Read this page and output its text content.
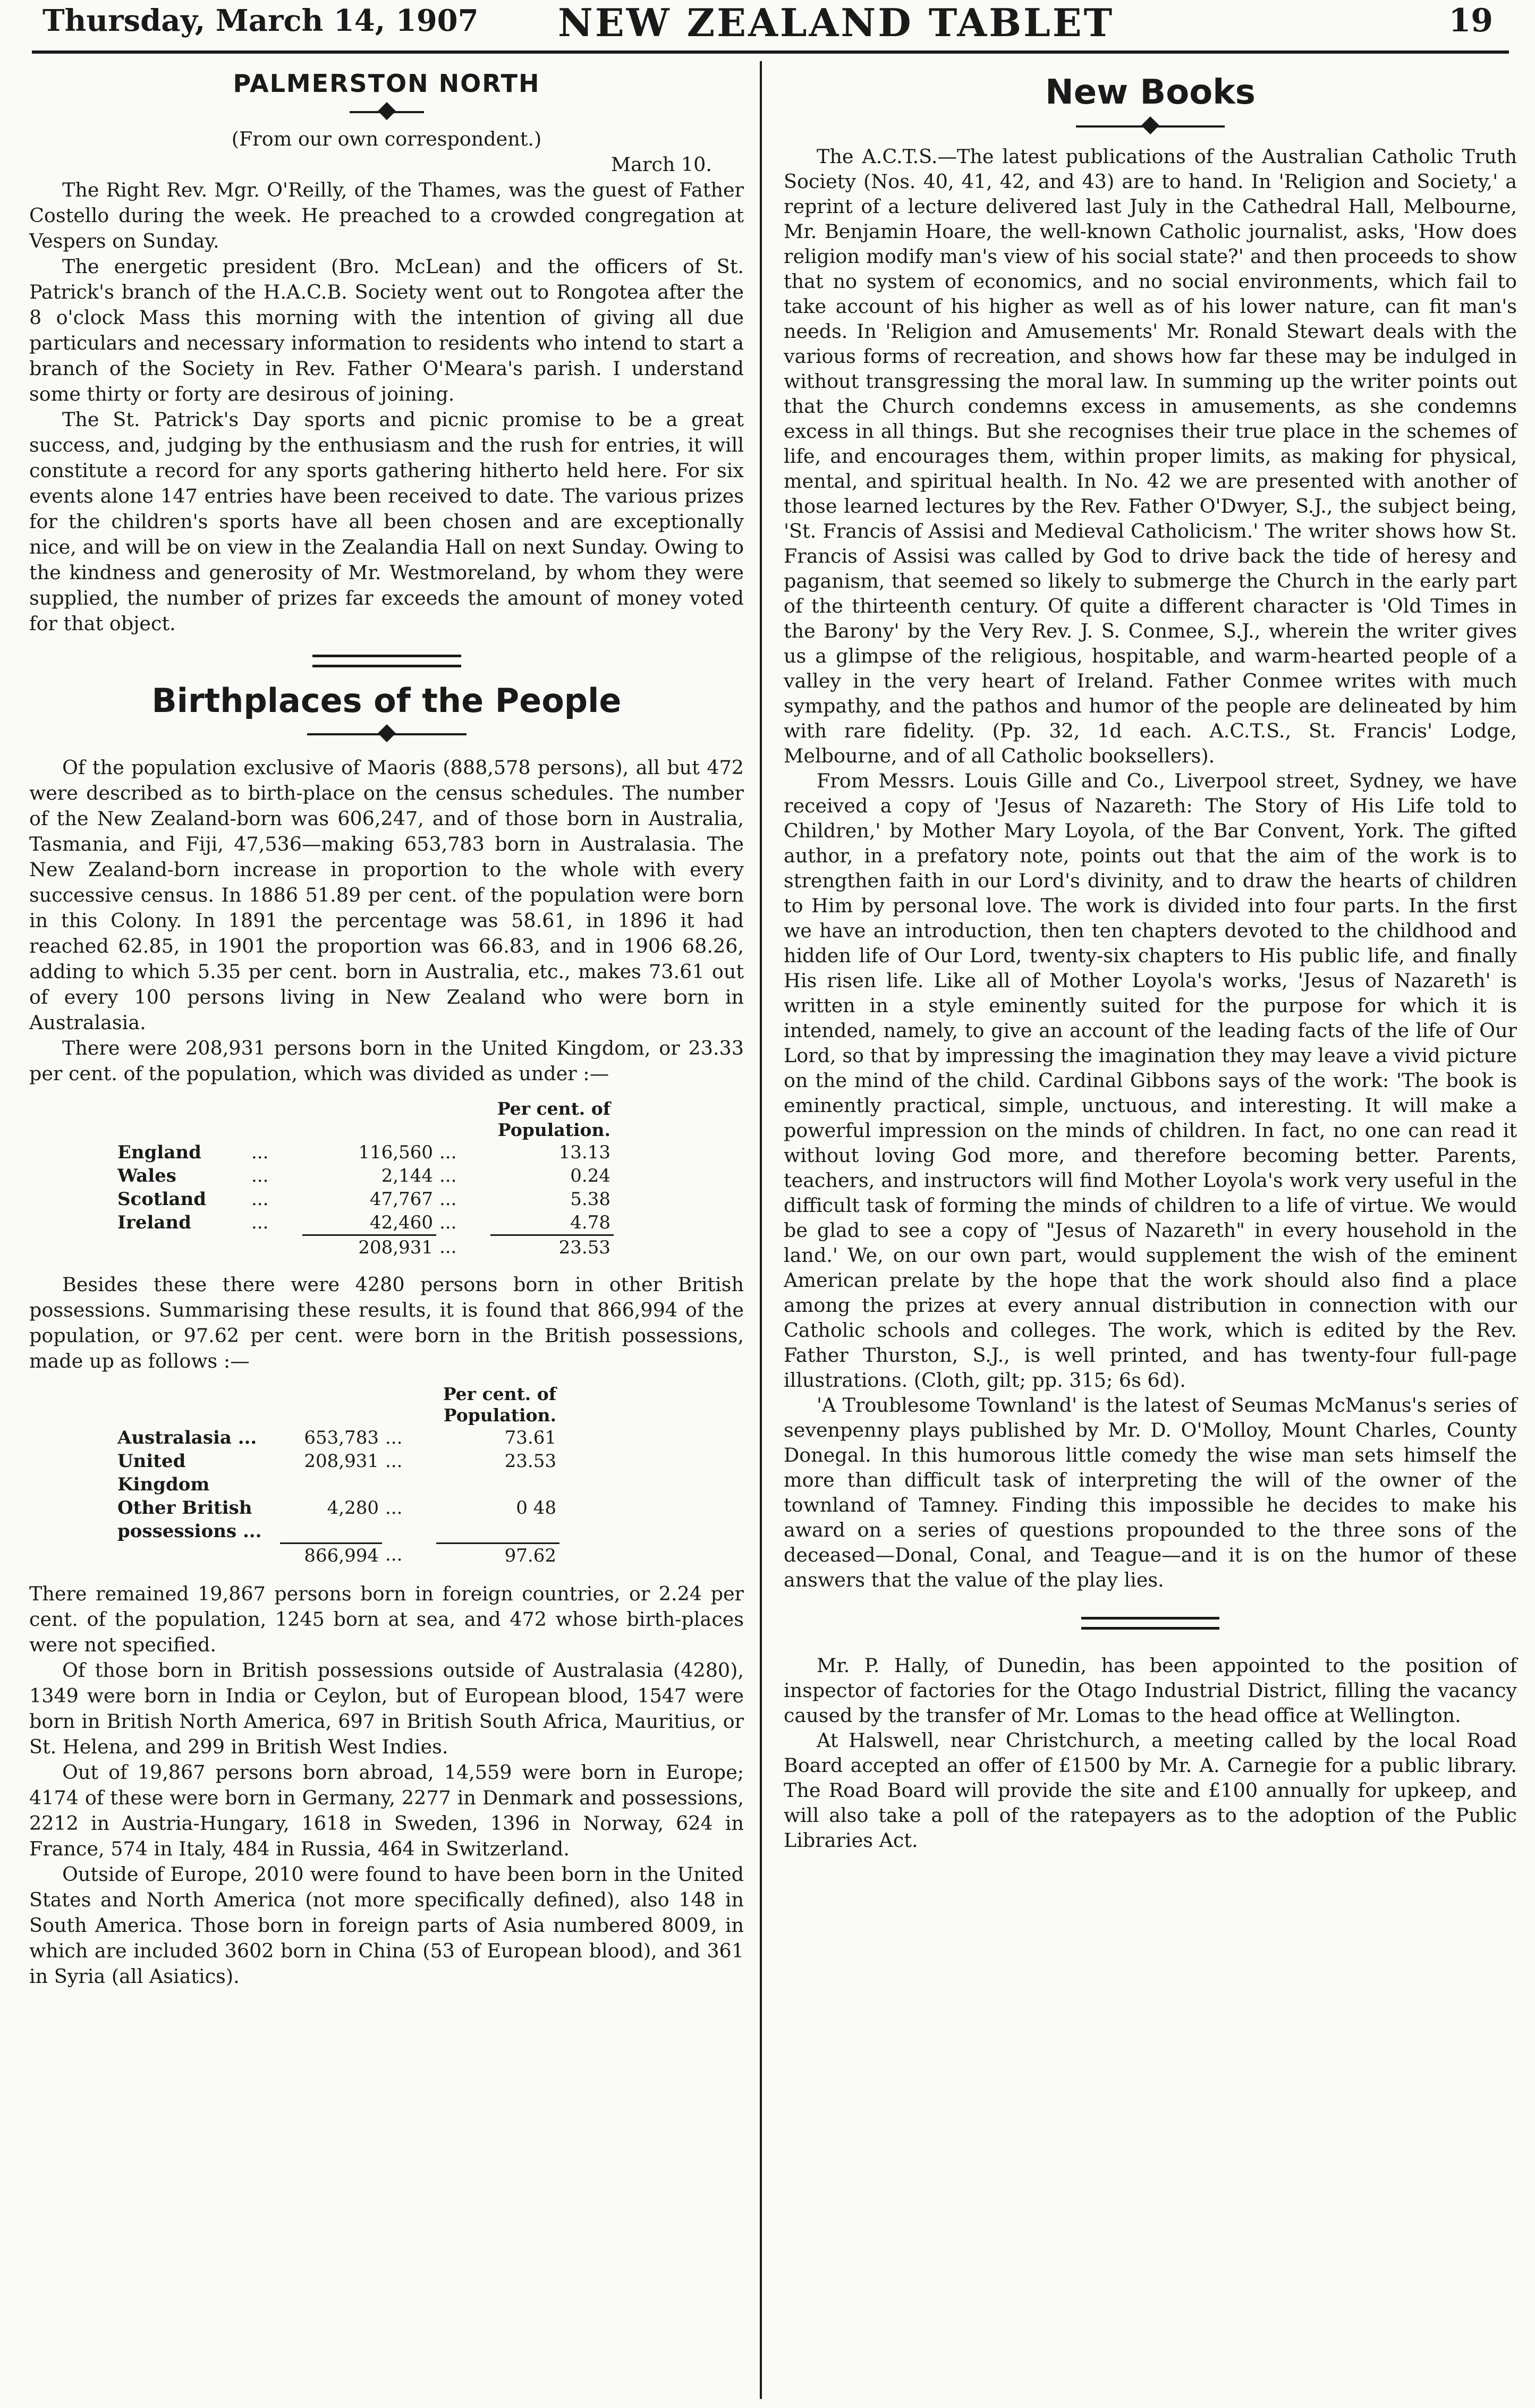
Thursday, March 14, 1907 NEW ZEALAND TABLET	19
PALMERSTON NORTH

(From our own correspondent.)

March 10.

The Right Rev. Mgr. O'Reilly, of the Thames, was the guest of Father Costello during the week. He preached to a crowded congregation at Vespers on Sunday.

The energetic president (Bro. McLean) and the officers of St. Patrick's branch of the H.A.C.B. Society went out to Rongotea after the 8 o'clock Mass this morning with the intention of giving all due particulars and necessary information to residents who intend to start a branch of the Society in Rev. Father O'Meara's parish. I understand some thirty or forty are desirous of joining.

The St. Patrick's Day sports and picnic promise to be a great success, and, judging by the enthusiasm and the rush for entries, it will constitute a record for any sports gathering hitherto held here. For six events alone 147 entries have been received to date. The various prizes for the children's sports have all been chosen and are exceptionally nice, and will be on view in the Zealandia Hall on next Sunday. Owing to the kindness and generosity of Mr. Westmoreland, by whom they were supplied, the number of prizes far exceeds the amount of money voted for that object.

Birthplaces of the People

Of the population exclusive of Maoris (888,578 persons), all but 472 were described as to birth-place on the census schedules. The number of the New Zealand-born was 606,247, and of those born in Australia, Tasmania, and Fiji, 47,536—making 653,783 born in Australasia. The New Zealand-born increase in proportion to the whole with every successive census. In 1886 51.89 per cent. of the population were born in this Colony. In 1891 the percentage was 58.61, in 1896 it had reached 62.85, in 1901 the proportion was 66.83, and in 1906 68.26, adding to which 5.35 per cent. born in Australia, etc., makes 73.61 out of every 100 persons living in New Zealand who were born in Australasia.

There were 208,931 persons born in the United Kingdom, or 23.33 per cent. of the population, which was divided as under :—

				Per cent. of
Population.
England	...	116,560	...	13.13
Wales	...	2,144	...	0.24
Scotland	...	47,767	...	5.38
Ireland	...	42,460	...	4.78
		208,931	...	23.53

Besides these there were 4280 persons born in other British possessions. Summarising these results, it is found that 866,994 of the population, or 97.62 per cent. were born in the British possessions, made up as follows :—

			Per cent. of
Population.
Australasia ...	653,783	...	73.61
United Kingdom	208,931	...	23.53
Other British possessions ...	4,280	...	0 48
	866,994	...	97.62

There remained 19,867 persons born in foreign countries, or 2.24 per cent. of the population, 1245 born at sea, and 472 whose birth-places were not specified.

Of those born in British possessions outside of Australasia (4280), 1349 were born in India or Ceylon, but of European blood, 1547 were born in British North America, 697 in British South Africa, Mauritius, or St. Helena, and 299 in British West Indies.

Out of 19,867 persons born abroad, 14,559 were born in Europe; 4174 of these were born in Germany, 2277 in Denmark and possessions, 2212 in Austria-Hungary, 1618 in Sweden, 1396 in Norway, 624 in France, 574 in Italy, 484 in Russia, 464 in Switzerland.

Outside of Europe, 2010 were found to have been born in the United States and North America (not more specifically defined), also 148 in South America. Those born in foreign parts of Asia numbered 8009, in which are included 3602 born in China (53 of European blood), and 361 in Syria (all Asiatics).

New Books

The A.C.T.S.—The latest publications of the Australian Catholic Truth Society (Nos. 40, 41, 42, and 43) are to hand. In 'Religion and Society,' a reprint of a lecture delivered last July in the Cathedral Hall, Melbourne, Mr. Benjamin Hoare, the well-known Catholic journalist, asks, 'How does religion modify man's view of his social state?' and then proceeds to show that no system of economics, and no social environments, which fail to take account of his higher as well as of his lower nature, can fit man's needs. In 'Religion and Amusements' Mr. Ronald Stewart deals with the various forms of recreation, and shows how far these may be indulged in without transgressing the moral law. In summing up the writer points out that the Church condemns excess in amusements, as she condemns excess in all things. But she recognises their true place in the schemes of life, and encourages them, within proper limits, as making for physical, mental, and spiritual health. In No. 42 we are presented with another of those learned lectures by the Rev. Father O'Dwyer, S.J., the subject being, 'St. Francis of Assisi and Medieval Catholicism.' The writer shows how St. Francis of Assisi was called by God to drive back the tide of heresy and paganism, that seemed so likely to submerge the Church in the early part of the thirteenth century. Of quite a different character is 'Old Times in the Barony' by the Very Rev. J. S. Conmee, S.J., wherein the writer gives us a glimpse of the religious, hospitable, and warm-hearted people of a valley in the very heart of Ireland. Father Conmee writes with much sympathy, and the pathos and humor of the people are delineated by him with rare fidelity. (Pp. 32, 1d each. A.C.T.S., St. Francis' Lodge, Melbourne, and of all Catholic booksellers).

From Messrs. Louis Gille and Co., Liverpool street, Sydney, we have received a copy of 'Jesus of Nazareth: The Story of His Life told to Children,' by Mother Mary Loyola, of the Bar Convent, York. The gifted author, in a prefatory note, points out that the aim of the work is to strengthen faith in our Lord's divinity, and to draw the hearts of children to Him by personal love. The work is divided into four parts. In the first we have an introduction, then ten chapters devoted to the childhood and hidden life of Our Lord, twenty-six chapters to His public life, and finally His risen life. Like all of Mother Loyola's works, 'Jesus of Nazareth' is written in a style eminently suited for the purpose for which it is intended, namely, to give an account of the leading facts of the life of Our Lord, so that by impressing the imagination they may leave a vivid picture on the mind of the child. Cardinal Gibbons says of the work: 'The book is eminently practical, simple, unctuous, and interesting. It will make a powerful impression on the minds of children. In fact, no one can read it without loving God more, and therefore becoming better. Parents, teachers, and instructors will find Mother Loyola's work very useful in the difficult task of forming the minds of children to a life of virtue. We would be glad to see a copy of "Jesus of Nazareth" in every household in the land.' We, on our own part, would supplement the wish of the eminent American prelate by the hope that the work should also find a place among the prizes at every annual distribution in connection with our Catholic schools and colleges. The work, which is edited by the Rev. Father Thurston, S.J., is well printed, and has twenty-four full-page illustrations. (Cloth, gilt; pp. 315; 6s 6d).

'A Troublesome Townland' is the latest of Seumas McManus's series of sevenpenny plays published by Mr. D. O'Molloy, Mount Charles, County Donegal. In this humorous little comedy the wise man sets himself the more than difficult task of interpreting the will of the owner of the townland of Tamney. Finding this impossible he decides to make his award on a series of questions propounded to the three sons of the deceased—Donal, Conal, and Teague—and it is on the humor of these answers that the value of the play lies.

Mr. P. Hally, of Dunedin, has been appointed to the position of inspector of factories for the Otago Industrial District, filling the vacancy caused by the transfer of Mr. Lomas to the head office at Wellington.

At Halswell, near Christchurch, a meeting called by the local Road Board accepted an offer of £1500 by Mr. A. Carnegie for a public library. The Road Board will provide the site and £100 annually for upkeep, and will also take a poll of the ratepayers as to the adoption of the Public Libraries Act.
